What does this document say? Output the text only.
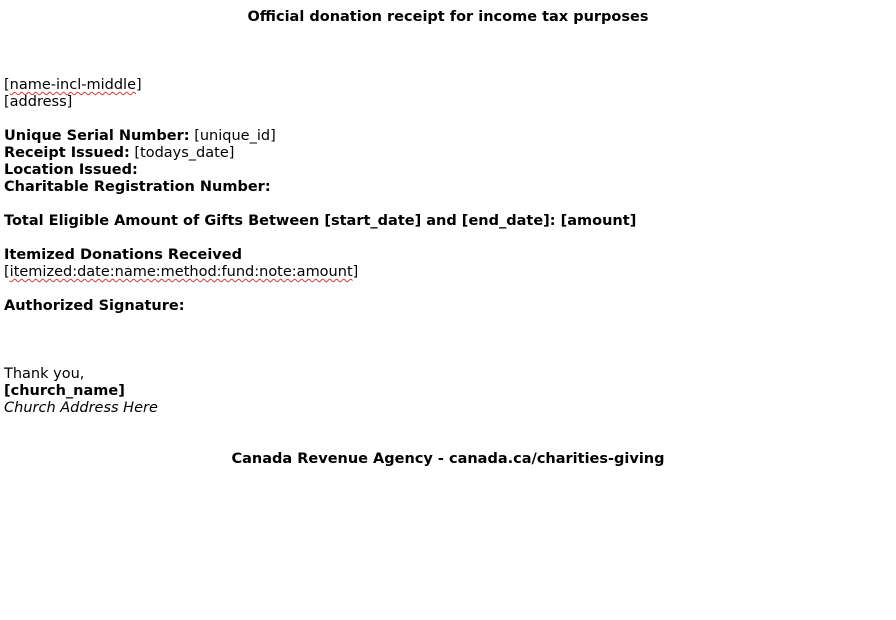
Official donation receipt for income tax purposes
[name-incl-middle]
[address]
Unique Serial Number: [unique_id]
Receipt Issued: [todays_date]
Location Issued:
Charitable Registration Number:
Total Eligible Amount of Gifts Between [start_date] and [end_date]: [amount]
Itemized Donations Received
[itemized:date:name:method:fund:note:amount]
Authorized Signature:
Thank you,
[church_name]
Church Address Here
Canada Revenue Agency - canada.ca/charities-giving
